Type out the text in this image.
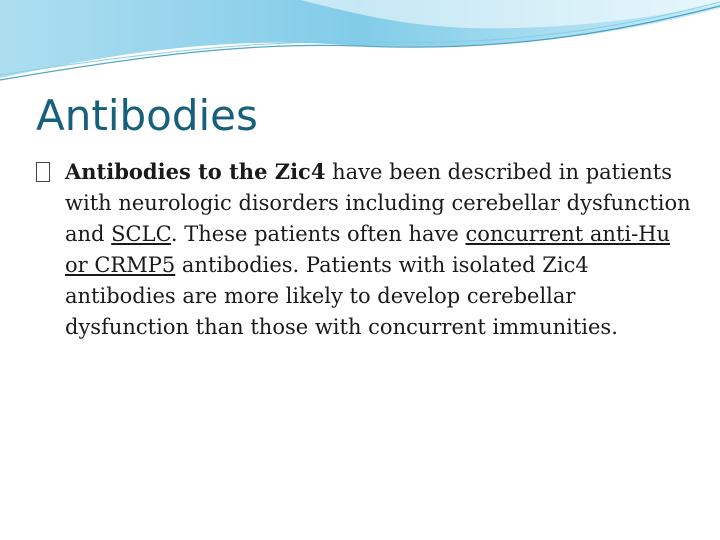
Antibodies

Antibodies to the Zic4 have been described in patients with neurologic disorders including cerebellar dysfunction and SCLC. These patients often have concurrent anti-Hu or CRMP5 antibodies. Patients with isolated Zic4 antibodies are more likely to develop cerebellar dysfunction than those with concurrent immunities.
